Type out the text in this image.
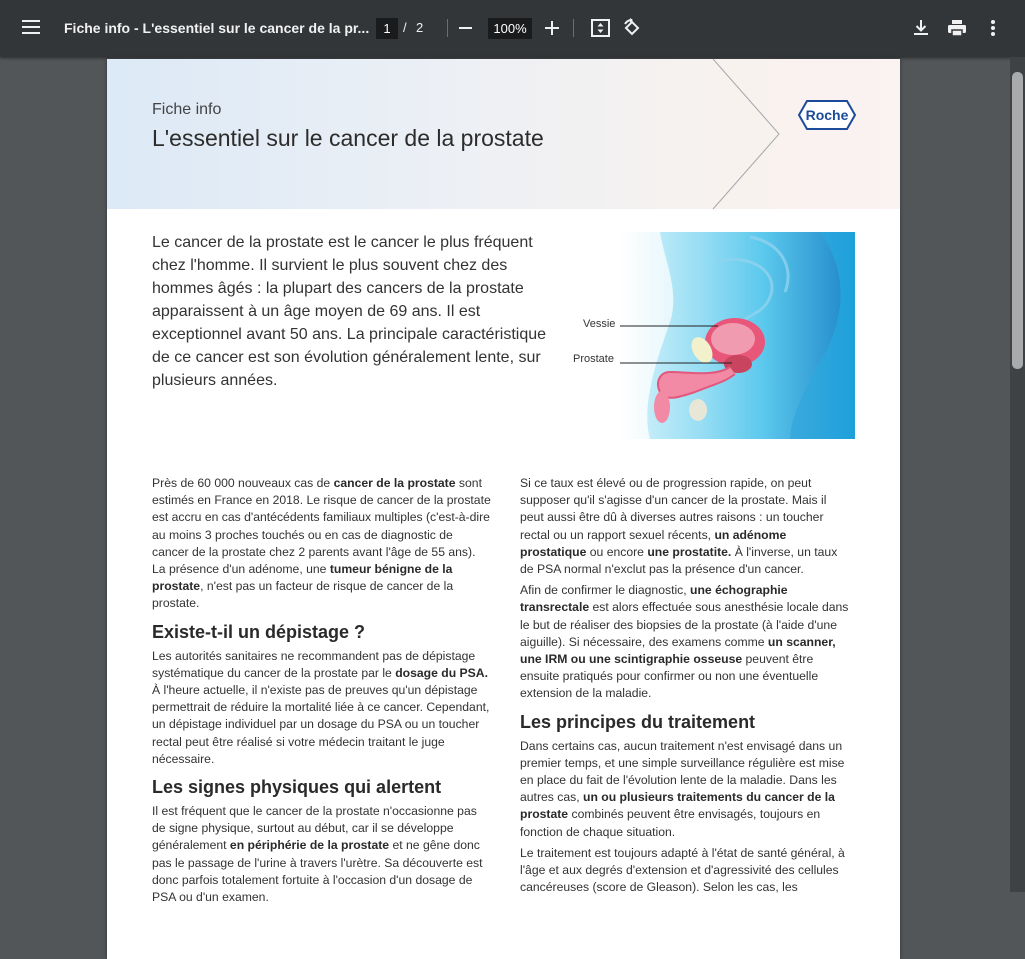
Fiche info - L'essentiel sur le cancer de la pr...	1 / 2	100%
Fiche info
L'essentiel sur le cancer de la prostate
Roche
Le cancer de la prostate est le cancer le plus fréquent chez l'homme. Il survient le plus souvent chez des hommes âgés : la plupart des cancers de la prostate apparaissent à un âge moyen de 69 ans. Il est exceptionnel avant 50 ans. La principale caractéristique de ce cancer est son évolution généralement lente, sur plusieurs années.
Vessie
Prostate

Près de 60 000 nouveaux cas de cancer de la prostate sont estimés en France en 2018. Le risque de cancer de la prostate est accru en cas d'antécédents familiaux multiples (c'est-à-dire au moins 3 proches touchés ou en cas de diagnostic de cancer de la prostate chez 2 parents avant l'âge de 55 ans). La présence d'un adénome, une tumeur bénigne de la prostate, n'est pas un facteur de risque de cancer de la prostate.

Existe-t-il un dépistage ?

Les autorités sanitaires ne recommandent pas de dépistage systématique du cancer de la prostate par le dosage du PSA. À l'heure actuelle, il n'existe pas de preuves qu'un dépistage permettrait de réduire la mortalité liée à ce cancer. Cependant, un dépistage individuel par un dosage du PSA ou un toucher rectal peut être réalisé si votre médecin traitant le juge nécessaire.

Les signes physiques qui alertent

Il est fréquent que le cancer de la prostate n'occasionne pas de signe physique, surtout au début, car il se développe généralement en périphérie de la prostate et ne gêne donc pas le passage de l'urine à travers l'urètre. Sa découverte est donc parfois totalement fortuite à l'occasion d'un dosage de PSA ou d'un examen.

Si ce taux est élevé ou de progression rapide, on peut supposer qu'il s'agisse d'un cancer de la prostate. Mais il peut aussi être dû à diverses autres raisons : un toucher rectal ou un rapport sexuel récents, un adénome prostatique ou encore une prostatite. À l'inverse, un taux de PSA normal n'exclut pas la présence d'un cancer.

Afin de confirmer le diagnostic, une échographie transrectale est alors effectuée sous anesthésie locale dans le but de réaliser des biopsies de la prostate (à l'aide d'une aiguille). Si nécessaire, des examens comme un scanner, une IRM ou une scintigraphie osseuse peuvent être ensuite pratiqués pour confirmer ou non une éventuelle extension de la maladie.

Les principes du traitement

Dans certains cas, aucun traitement n'est envisagé dans un premier temps, et une simple surveillance régulière est mise en place du fait de l'évolution lente de la maladie. Dans les autres cas, un ou plusieurs traitements du cancer de la prostate combinés peuvent être envisagés, toujours en fonction de chaque situation.

Le traitement est toujours adapté à l'état de santé général, à l'âge et aux degrés d'extension et d'agressivité des cellules cancéreuses (score de Gleason). Selon les cas, les
